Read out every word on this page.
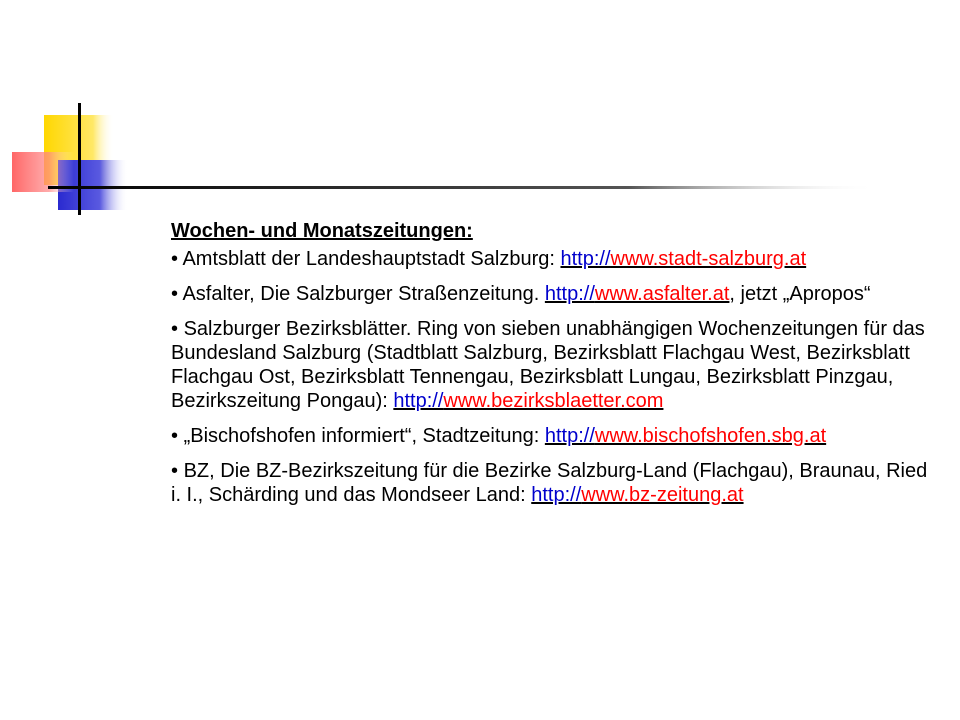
Wochen- und Monatszeitungen:
• Amtsblatt der Landeshauptstadt Salzburg: http://www.stadt-salzburg.at
• Asfalter, Die Salzburger Straßenzeitung. http://www.asfalter.at, jetzt „Apropos“
• Salzburger Bezirksblätter. Ring von sieben unabhängigen Wochenzeitungen für das Bundesland Salzburg (Stadtblatt Salzburg, Bezirksblatt Flachgau West, Bezirksblatt Flachgau Ost, Bezirksblatt Tennengau, Bezirksblatt Lungau, Bezirksblatt Pinzgau, Bezirkszeitung Pongau): http://www.bezirksblaetter.com
• „Bischofshofen informiert“, Stadtzeitung: http://www.bischofshofen.sbg.at
• BZ, Die BZ-Bezirkszeitung für die Bezirke Salzburg-Land (Flachgau), Braunau, Ried i. I., Schärding und das Mondseer Land: http://www.bz-zeitung.at
